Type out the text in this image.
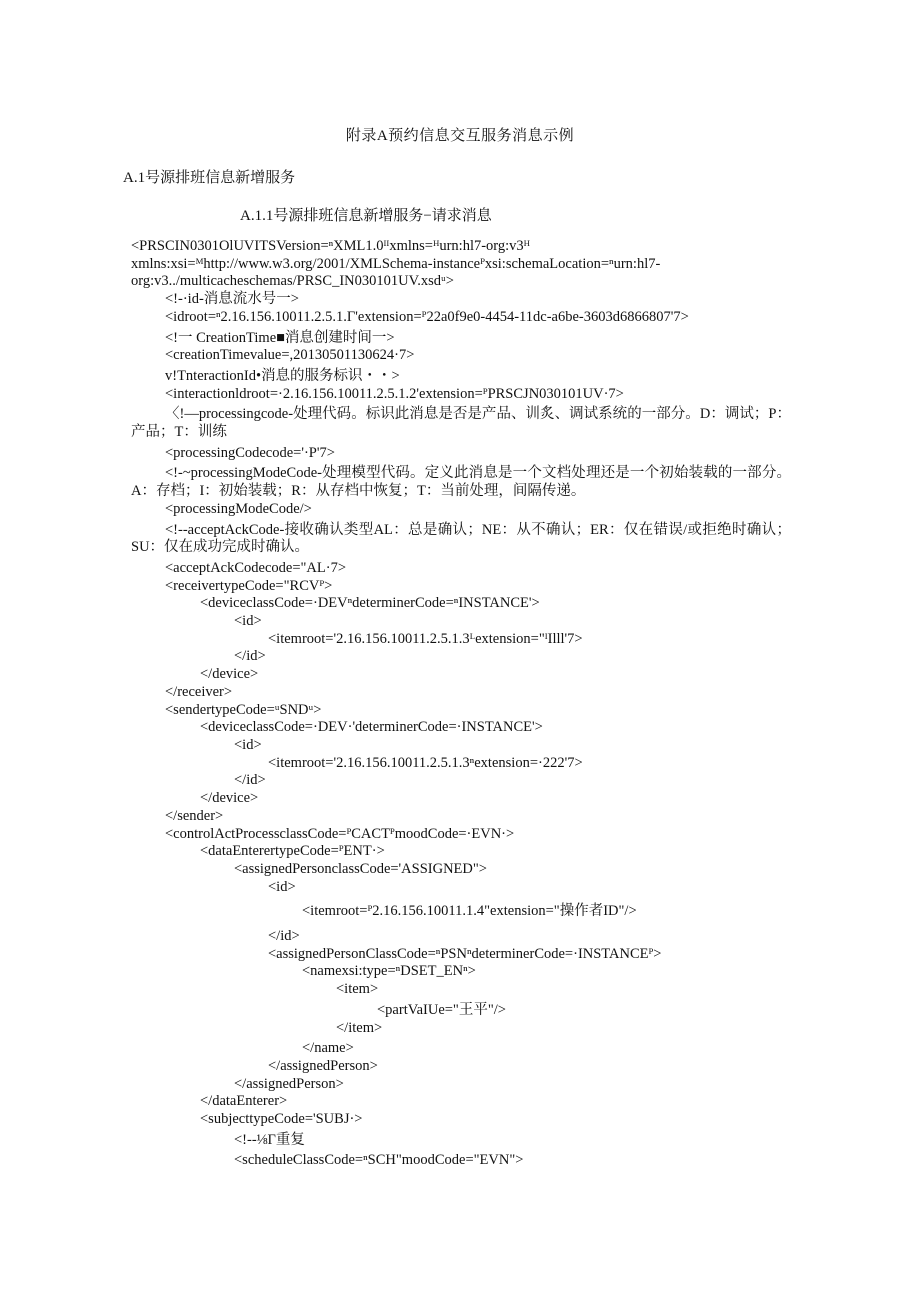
附录A预约信息交互服务消息示例
A.1号源排班信息新增服务
A.1.1号源排班信息新增服务−请求消息
<PRSCIN0301OlUVITSVersion=ⁿXML1.0ᴵᴵxmlns=ᴴurn:hl7-org:v3ᴴ
xmlns:xsi=ᴹhttp://www.w3.org/2001/XMLSchema-instanceᴾxsi:schemaLocation=ⁿurn:hl7-
org:v3../multicacheschemas/PRSC_IN030101UV.xsdᵘ>
<!-·id-消息流水号一>
<idroot=ⁿ2.16.156.10011.2.5.1.Γ'extension=ᴾ22a0f9e0-4454-11dc-a6be-3603d6866807'7>
<!一 CreationTime■消息创建时间一>
<creationTimevalue=,20130501130624·7>
v!TnteractionId•消息的服务标识・・>
<interactionldroot=·2.16.156.10011.2.5.1.2'extension=ᴾPRSCJN030101UV·7>
〈!—processingcode-处理代码。标识此消息是否是产品、训炙、调试系统的一部分。D：调试；P：产品；T：训练
<processingCodecode='·P'7>
<!-~processingModeCode-处理模型代码。定义此消息是一个文档处理还是一个初始装载的一部分。A：存档；I：初始装载；R：从存档中恢复；T：当前处理，间隔传递。
<processingModeCode/>
<!--acceptAckCode-接收确认类型AL：总是确认；NE：从不确认；ER：仅在错误/或拒绝时确认；SU：仅在成功完成时确认。
<acceptAckCodecode="AL·7>
<receivertypeCode="RCVᴾ>
<deviceclassCode=·DEVⁿdeterminerCode=ⁿINSTANCE'>
<id>
<itemroot='2.16.156.10011.2.5.1.3ᴸextension="ᴵIlll'7>
</id>
</device>
</receiver>
<sendertypeCode=ᵘSNDᵘ>
<deviceclassCode=·DEV·'determinerCode=·INSTANCE'>
<id>
<itemroot='2.16.156.10011.2.5.1.3ⁿextension=·222'7>
</id>
</device>
</sender>
<controlActProcessclassCode=ᴾCACTᴾmoodCode=·EVN·>
<dataEnterertypeCode=ᴾENT·>
<assignedPersonclassCode='ASSIGNED">
<id>
<itemroot=ᴾ2.16.156.10011.1.4"extension="操作者ID"/>
</id>
<assignedPersonClassCode=ⁿPSNⁿdeterminerCode=·INSTANCEᴾ>
<namexsi:type=ⁿDSET_ENⁿ>
<item>
<partVaIUe="王平"/>
</item>
</name>
</assignedPerson>
</assignedPerson>
</dataEnterer>
<subjecttypeCode='SUBJ·>
<!--⅛Γ重复
<scheduleClassCode=ⁿSCH"moodCode="EVN">
